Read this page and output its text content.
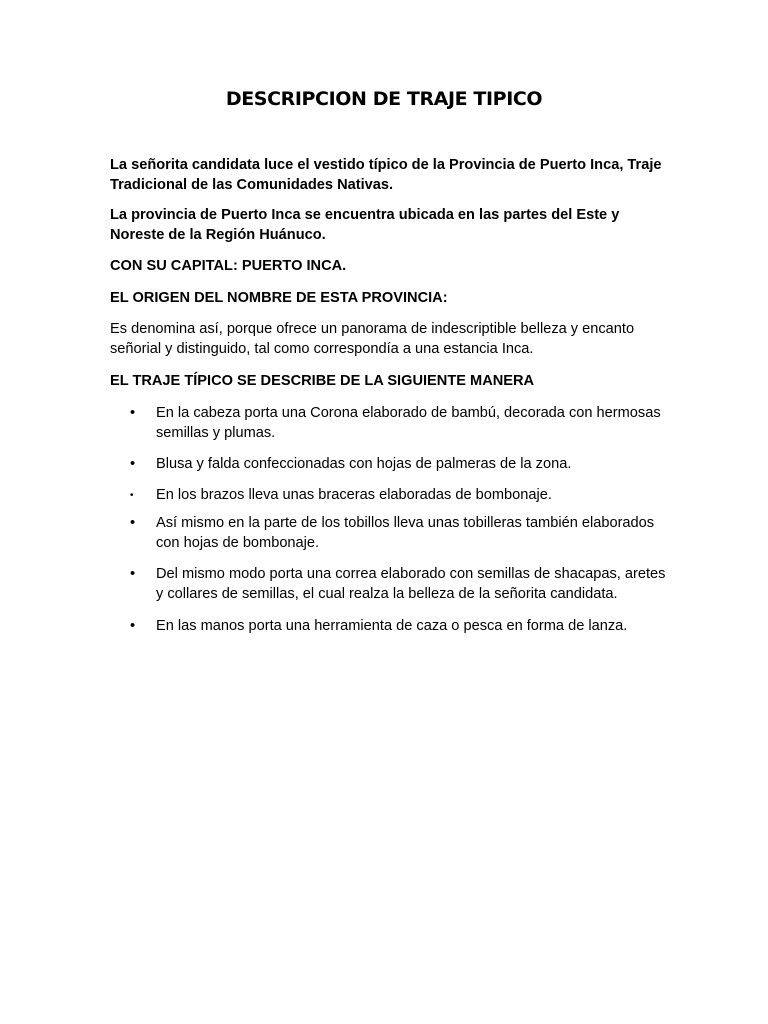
DESCRIPCION DE TRAJE TIPICO

La señorita candidata luce el vestido típico de la Provincia de Puerto Inca, Traje Tradicional de las Comunidades Nativas.

La provincia de Puerto Inca se encuentra ubicada en las partes del Este y Noreste de la Región Huánuco.

CON SU CAPITAL: PUERTO INCA.

EL ORIGEN DEL NOMBRE DE ESTA PROVINCIA:

Es denomina así, porque ofrece un panorama de indescriptible belleza y encanto señorial y distinguido, tal como correspondía a una estancia Inca.

EL TRAJE TÍPICO SE DESCRIBE DE LA SIGUIENTE MANERA

• En la cabeza porta una Corona elaborado de bambú, decorada con hermosas semillas y plumas.
• Blusa y falda confeccionadas con hojas de palmeras de la zona.
• En los brazos lleva unas braceras elaboradas de bombonaje.
• Así mismo en la parte de los tobillos lleva unas tobilleras también elaborados con hojas de bombonaje.
• Del mismo modo porta una correa elaborado con semillas de shacapas, aretes y collares de semillas, el cual realza la belleza de la señorita candidata.
• En las manos porta una herramienta de caza o pesca en forma de lanza.
